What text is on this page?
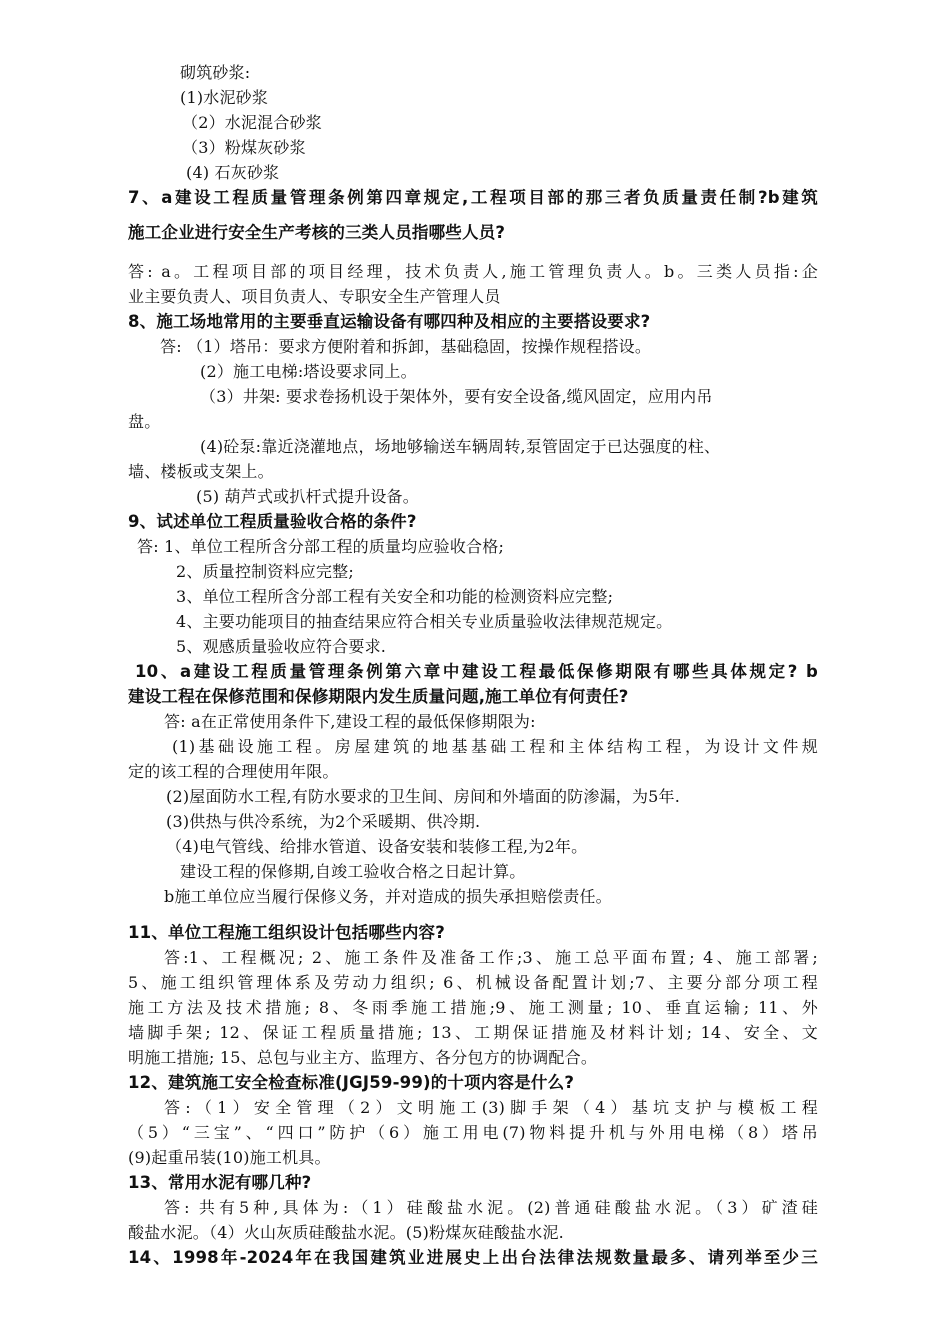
砌筑砂浆:
(1)水泥砂浆
（2）水泥混合砂浆
（3）粉煤灰砂浆
(4) 石灰砂浆
7、a建设工程质量管理条例第四章规定,工程项目部的那三者负质量责任制?b建筑
施工企业进行安全生产考核的三类人员指哪些人员?
答: a。工程项目部的项目经理，技术负责人,施工管理负责人。b。三类人员指:企
业主要负责人、项目负责人、专职安全生产管理人员
8、施工场地常用的主要垂直运输设备有哪四种及相应的主要搭设要求?
答: （1）塔吊：要求方便附着和拆卸，基础稳固，按操作规程搭设。
(2）施工电梯:塔设要求同上。
（3）井架: 要求卷扬机设于架体外，要有安全设备,缆风固定，应用内吊
盘。
(4)砼泵:靠近浇灌地点，场地够输送车辆周转,泵管固定于已达强度的柱、
墙、楼板或支架上。
(5) 葫芦式或扒杆式提升设备。
9、试述单位工程质量验收合格的条件?
答: 1、单位工程所含分部工程的质量均应验收合格;
2、质量控制资料应完整;
3、单位工程所含分部工程有关安全和功能的检测资料应完整;
4、主要功能项目的抽查结果应符合相关专业质量验收法律规范规定。
5、观感质量验收应符合要求.
10、a建设工程质量管理条例第六章中建设工程最低保修期限有哪些具体规定? b
建设工程在保修范围和保修期限内发生质量问题,施工单位有何责任?
答: a在正常使用条件下,建设工程的最低保修期限为:
(1)基础设施工程。房屋建筑的地基基础工程和主体结构工程，为设计文件规
定的该工程的合理使用年限。
(2)屋面防水工程,有防水要求的卫生间、房间和外墙面的防渗漏，为5年.
(3)供热与供冷系统，为2个采暖期、供冷期.
（4)电气管线、给排水管道、设备安装和装修工程,为2年。
建设工程的保修期,自竣工验收合格之日起计算。
b施工单位应当履行保修义务，并对造成的损失承担赔偿责任。
11、单位工程施工组织设计包括哪些内容?
答:1、工程概况; 2、施工条件及准备工作;3、施工总平面布置; 4、施工部署;
5、施工组织管理体系及劳动力组织; 6、机械设备配置计划;7、主要分部分项工程
施工方法及技术措施; 8、冬雨季施工措施;9、施工测量; 10、垂直运输; 11、外
墙脚手架; 12、保证工程质量措施; 13、工期保证措施及材料计划; 14、安全、文
明施工措施; 15、总包与业主方、监理方、各分包方的协调配合。
12、建筑施工安全检查标准(JGJ59-99)的十项内容是什么?
答:（1）安全管理（2）文明施工(3)脚手架（4）基坑支护与模板工程
（5）“三宝”、“四口”防护（6）施工用电(7)物料提升机与外用电梯（8）塔吊
(9)起重吊装(10)施工机具。
13、常用水泥有哪几种?
答: 共有5种,具体为:（1）硅酸盐水泥。(2)普通硅酸盐水泥。（3）矿渣硅
酸盐水泥。（4）火山灰质硅酸盐水泥。(5)粉煤灰硅酸盐水泥.
14、1998年-2024年在我国建筑业进展史上出台法律法规数量最多、请列举至少三
